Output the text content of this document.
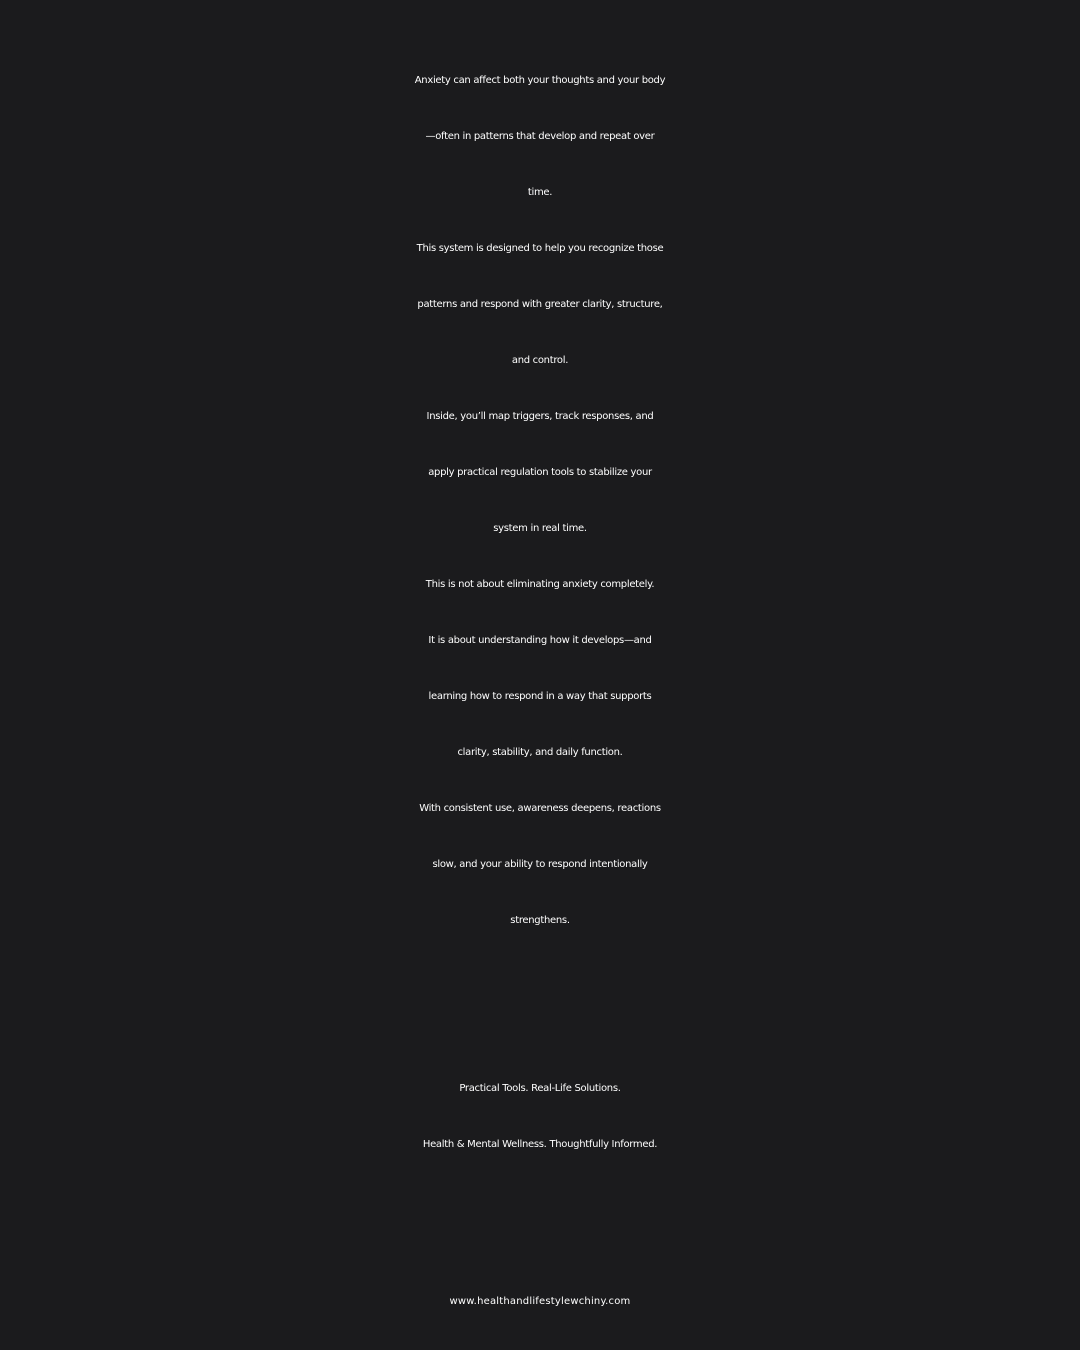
Anxiety can affect both your thoughts and your body
—often in patterns that develop and repeat over
time.
This system is designed to help you recognize those
patterns and respond with greater clarity, structure,
and control.
Inside, you’ll map triggers, track responses, and
apply practical regulation tools to stabilize your
system in real time.
This is not about eliminating anxiety completely.
It is about understanding how it develops—and
learning how to respond in a way that supports
clarity, stability, and daily function.
With consistent use, awareness deepens, reactions
slow, and your ability to respond intentionally
strengthens.
Practical Tools. Real-Life Solutions.
Health & Mental Wellness. Thoughtfully Informed.
www.healthandlifestylewchiny.com
